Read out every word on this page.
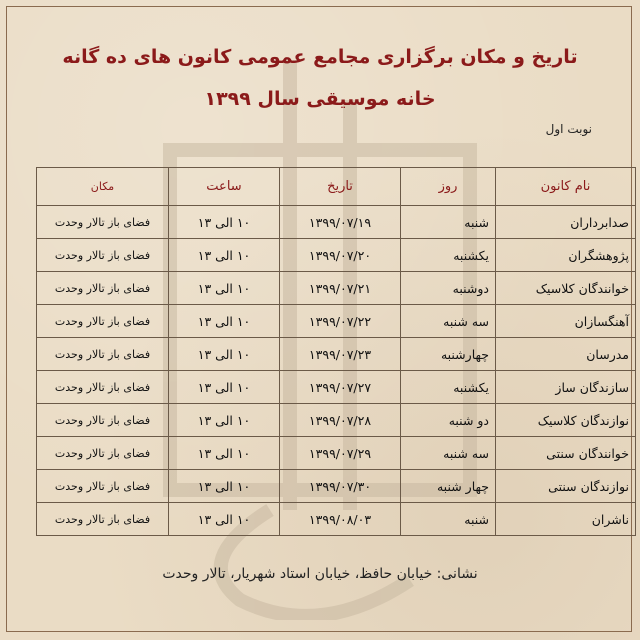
تاریخ و مکان برگزاری مجامع عمومی کانون های ده گانه
خانه موسیقی سال ۱۳۹۹
نوبت اول
نام کانون	روز	تاریخ	ساعت	مکان
صدابرداران	شنبه	۱۳۹۹/۰۷/۱۹	۱۰ الی ۱۳	فضای باز تالار وحدت
پژوهشگران	یکشنبه	۱۳۹۹/۰۷/۲۰	۱۰ الی ۱۳	فضای باز تالار وحدت
خوانندگان کلاسیک	دوشنبه	۱۳۹۹/۰۷/۲۱	۱۰ الی ۱۳	فضای باز تالار وحدت
آهنگسازان	سه شنبه	۱۳۹۹/۰۷/۲۲	۱۰ الی ۱۳	فضای باز تالار وحدت
مدرسان	چهارشنبه	۱۳۹۹/۰۷/۲۳	۱۰ الی ۱۳	فضای باز تالار وحدت
سازندگان ساز	یکشنبه	۱۳۹۹/۰۷/۲۷	۱۰ الی ۱۳	فضای باز تالار وحدت
نوازندگان کلاسیک	دو شنبه	۱۳۹۹/۰۷/۲۸	۱۰ الی ۱۳	فضای باز تالار وحدت
خوانندگان سنتی	سه شنبه	۱۳۹۹/۰۷/۲۹	۱۰ الی ۱۳	فضای باز تالار وحدت
نوازندگان سنتی	چهار شنبه	۱۳۹۹/۰۷/۳۰	۱۰ الی ۱۳	فضای باز تالار وحدت
ناشران	شنبه	۱۳۹۹/۰۸/۰۳	۱۰ الی ۱۳	فضای باز تالار وحدت
نشانی: خیابان حافظ، خیابان استاد شهریار، تالار وحدت
